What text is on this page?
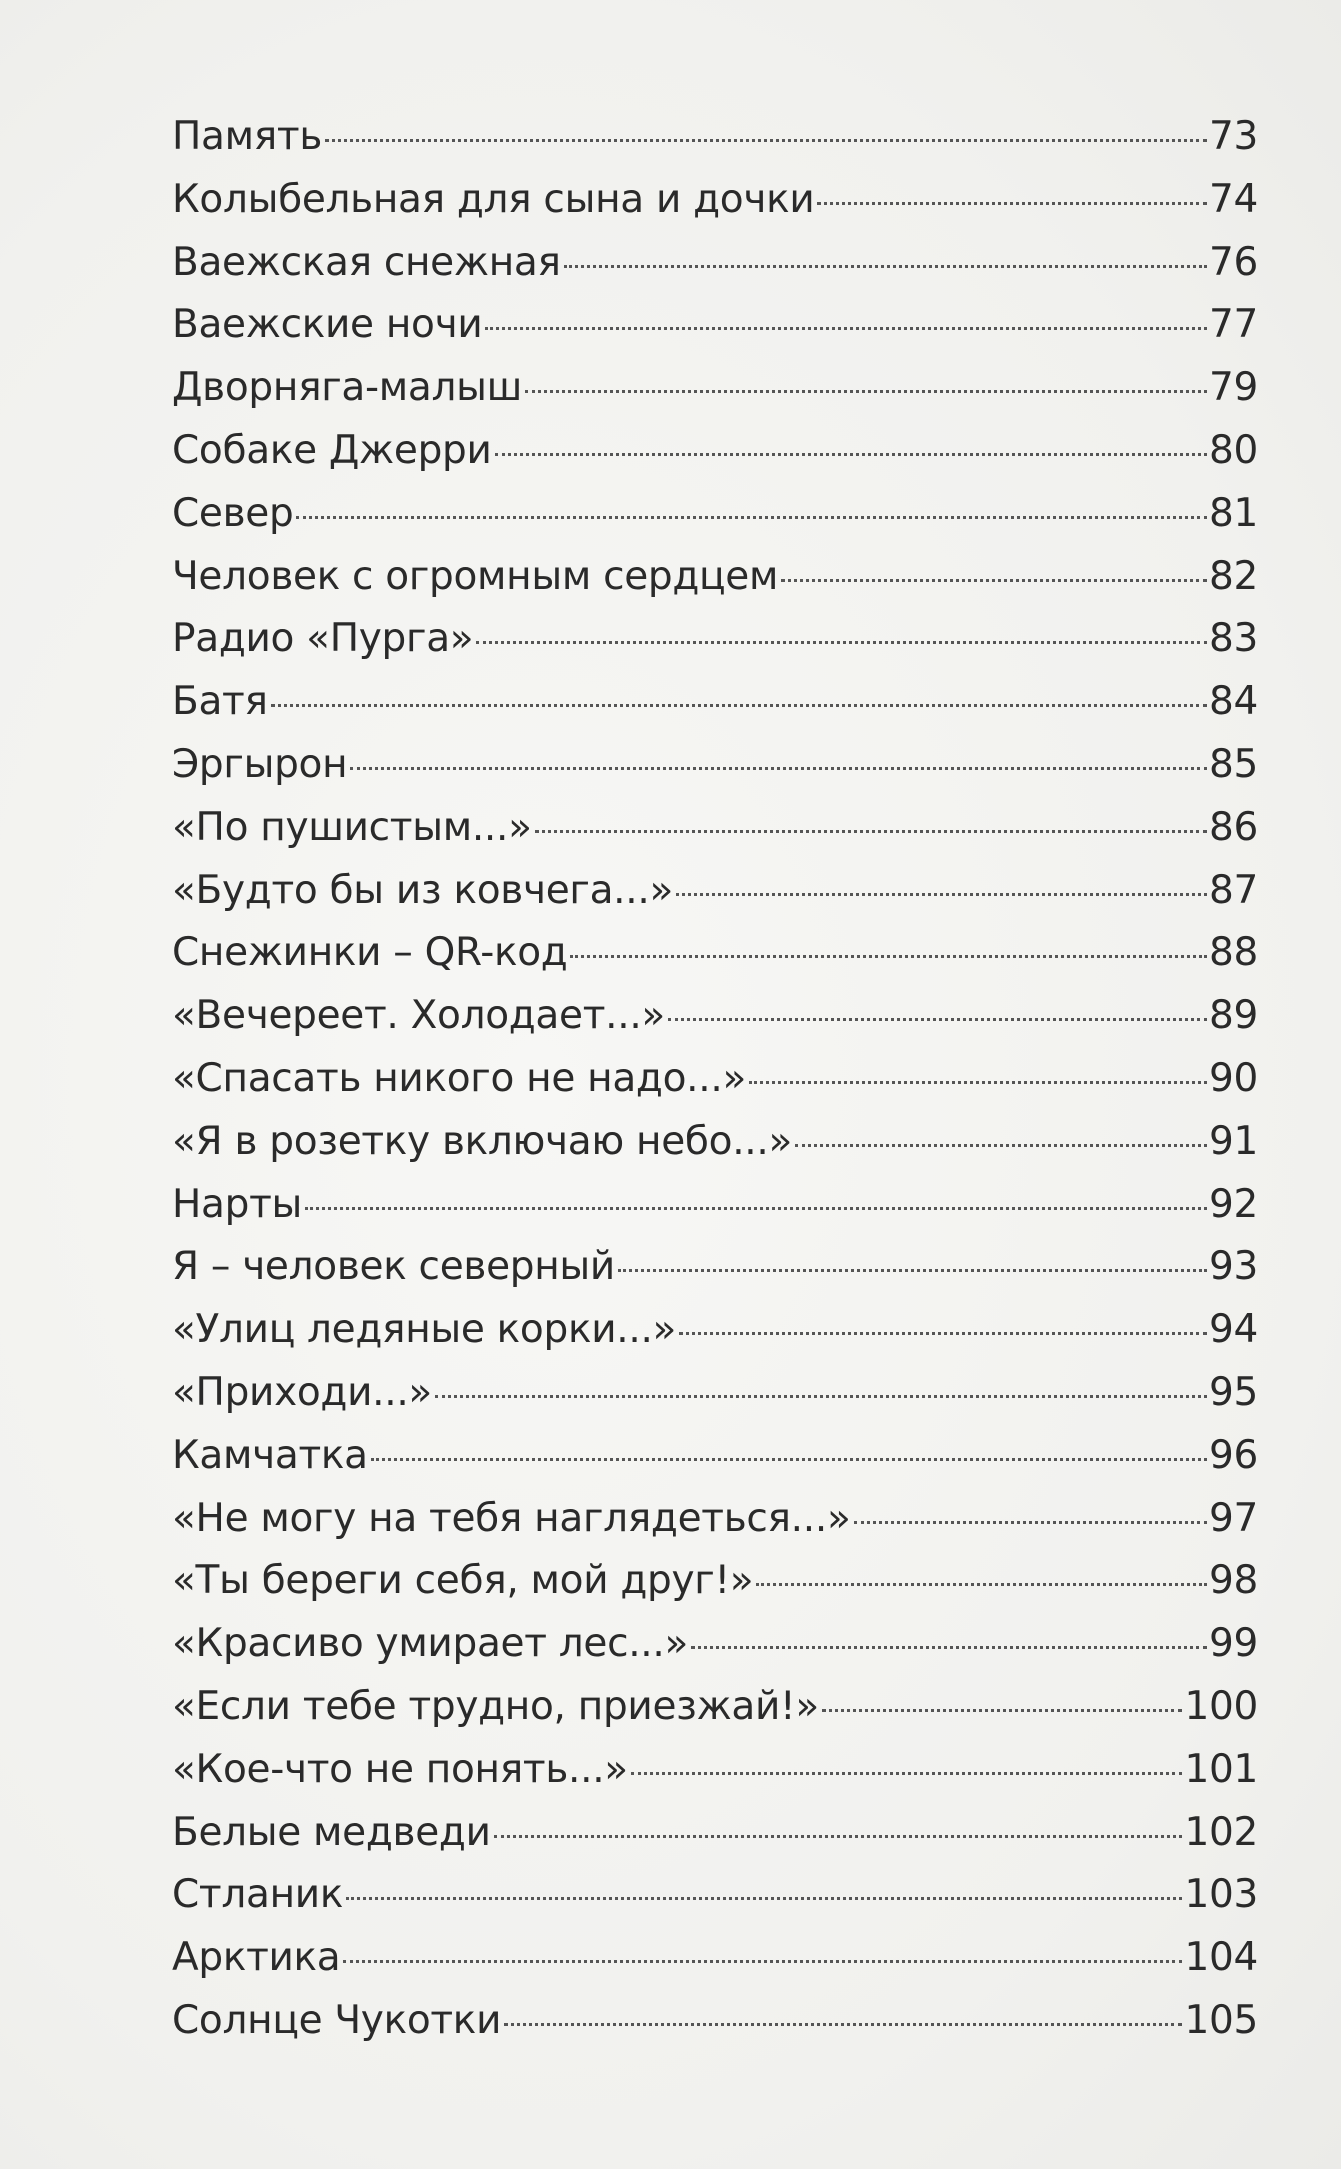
Память	73
Колыбельная для сына и дочки	74
Ваежская снежная	76
Ваежские ночи	77
Дворняга-малыш	79
Собаке Джерри	80
Север	81
Человек с огромным сердцем	82
Радио «Пурга»	83
Батя	84
Эргырон	85
«По пушистым...»	86
«Будто бы из ковчега...»	87
Снежинки – QR-код	88
«Вечереет. Холодает...»	89
«Спасать никого не надо...»	90
«Я в розетку включаю небо...»	91
Нарты	92
Я – человек северный	93
«Улиц ледяные корки...»	94
«Приходи...»	95
Камчатка	96
«Не могу на тебя наглядеться...»	97
«Ты береги себя, мой друг!»	98
«Красиво умирает лес...»	99
«Если тебе трудно, приезжай!»	100
«Кое-что не понять...»	101
Белые медведи	102
Стланик	103
Арктика	104
Солнце Чукотки	105
